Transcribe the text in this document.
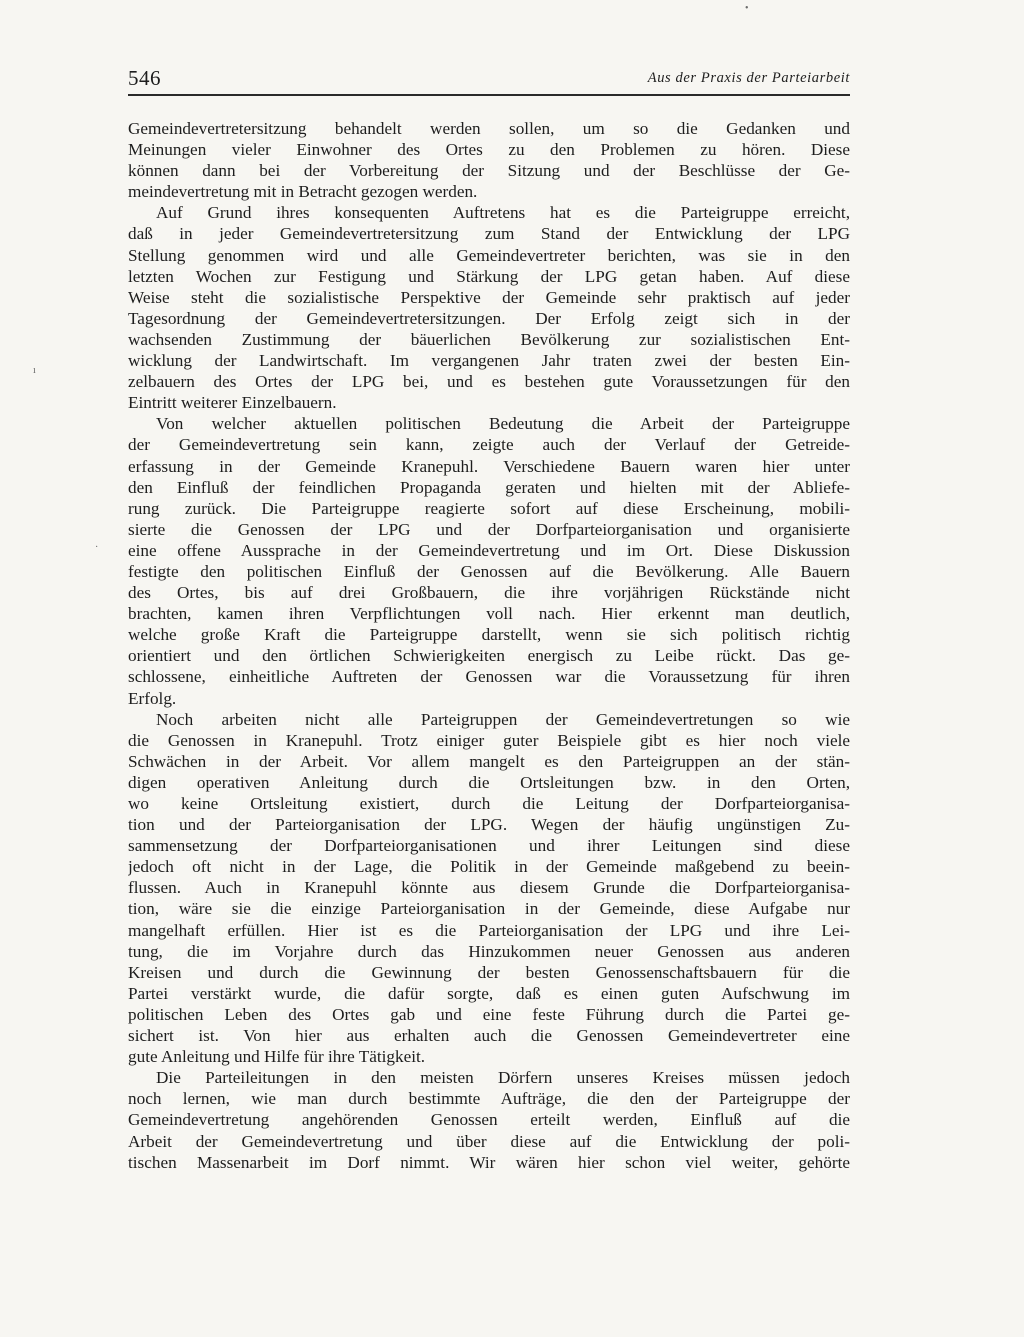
546	Aus der Praxis der Parteiarbeit
Gemeindevertretersitzung behandelt werden sollen, um so die Gedanken und
Meinungen vieler Einwohner des Ortes zu den Problemen zu hören. Diese
können dann bei der Vorbereitung der Sitzung und der Beschlüsse der Ge-
meindevertretung mit in Betracht gezogen werden.
Auf Grund ihres konsequenten Auftretens hat es die Parteigruppe erreicht,
daß in jeder Gemeindevertretersitzung zum Stand der Entwicklung der LPG
Stellung genommen wird und alle Gemeindevertreter berichten, was sie in den
letzten Wochen zur Festigung und Stärkung der LPG getan haben. Auf diese
Weise steht die sozialistische Perspektive der Gemeinde sehr praktisch auf jeder
Tagesordnung der Gemeindevertretersitzungen. Der Erfolg zeigt sich in der
wachsenden Zustimmung der bäuerlichen Bevölkerung zur sozialistischen Ent-
wicklung der Landwirtschaft. Im vergangenen Jahr traten zwei der besten Ein-
zelbauern des Ortes der LPG bei, und es bestehen gute Voraussetzungen für den
Eintritt weiterer Einzelbauern.
Von welcher aktuellen politischen Bedeutung die Arbeit der Parteigruppe
der Gemeindevertretung sein kann, zeigte auch der Verlauf der Getreide-
erfassung in der Gemeinde Kranepuhl. Verschiedene Bauern waren hier unter
den Einfluß der feindlichen Propaganda geraten und hielten mit der Abliefe-
rung zurück. Die Parteigruppe reagierte sofort auf diese Erscheinung, mobili-
sierte die Genossen der LPG und der Dorfparteiorganisation und organisierte
eine offene Aussprache in der Gemeindevertretung und im Ort. Diese Diskussion
festigte den politischen Einfluß der Genossen auf die Bevölkerung. Alle Bauern
des Ortes, bis auf drei Großbauern, die ihre vorjährigen Rückstände nicht
brachten, kamen ihren Verpflichtungen voll nach. Hier erkennt man deutlich,
welche große Kraft die Parteigruppe darstellt, wenn sie sich politisch richtig
orientiert und den örtlichen Schwierigkeiten energisch zu Leibe rückt. Das ge-
schlossene, einheitliche Auftreten der Genossen war die Voraussetzung für ihren
Erfolg.
Noch arbeiten nicht alle Parteigruppen der Gemeindevertretungen so wie
die Genossen in Kranepuhl. Trotz einiger guter Beispiele gibt es hier noch viele
Schwächen in der Arbeit. Vor allem mangelt es den Parteigruppen an der stän-
digen operativen Anleitung durch die Ortsleitungen bzw. in den Orten,
wo keine Ortsleitung existiert, durch die Leitung der Dorfparteiorganisa-
tion und der Parteiorganisation der LPG. Wegen der häufig ungünstigen Zu-
sammensetzung der Dorfparteiorganisationen und ihrer Leitungen sind diese
jedoch oft nicht in der Lage, die Politik in der Gemeinde maßgebend zu beein-
flussen. Auch in Kranepuhl könnte aus diesem Grunde die Dorfparteiorganisa-
tion, wäre sie die einzige Parteiorganisation in der Gemeinde, diese Aufgabe nur
mangelhaft erfüllen. Hier ist es die Parteiorganisation der LPG und ihre Lei-
tung, die im Vorjahre durch das Hinzukommen neuer Genossen aus anderen
Kreisen und durch die Gewinnung der besten Genossenschaftsbauern für die
Partei verstärkt wurde, die dafür sorgte, daß es einen guten Aufschwung im
politischen Leben des Ortes gab und eine feste Führung durch die Partei ge-
sichert ist. Von hier aus erhalten auch die Genossen Gemeindevertreter eine
gute Anleitung und Hilfe für ihre Tätigkeit.
Die Parteileitungen in den meisten Dörfern unseres Kreises müssen jedoch
noch lernen, wie man durch bestimmte Aufträge, die den der Parteigruppe der
Gemeindevertretung angehörenden Genossen erteilt werden, Einfluß auf die
Arbeit der Gemeindevertretung und über diese auf die Entwicklung der poli-
tischen Massenarbeit im Dorf nimmt. Wir wären hier schon viel weiter, gehörte
•
ı
·
